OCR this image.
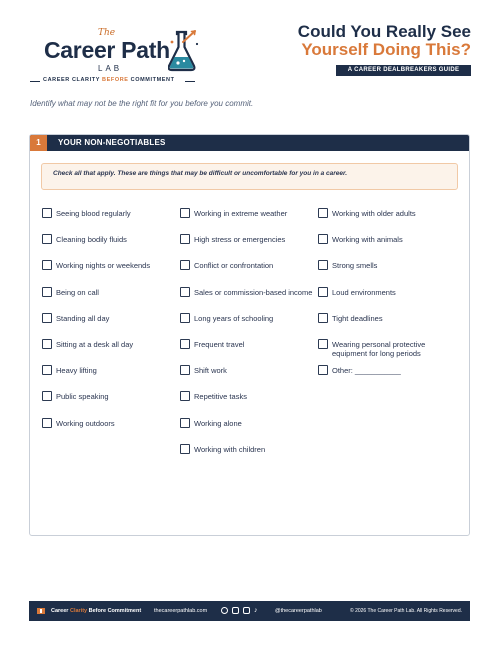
The
Career Path
LAB
CAREER CLARITY BEFORE COMMITMENT
Could You Really See
Yourself Doing This?
A CAREER DEALBREAKERS GUIDE
Identify what may not be the right fit for you before you commit.
1	YOUR NON-NEGOTIABLES
Check all that apply. These are things that may be difficult or uncomfortable for you in a career.
Seeing blood regularly
Cleaning bodily fluids
Working nights or weekends
Being on call
Standing all day
Sitting at a desk all day
Heavy lifting
Public speaking
Working outdoors
Working in extreme weather
High stress or emergencies
Conflict or confrontation
Sales or commission-based income
Long years of schooling
Frequent travel
Shift work
Repetitive tasks
Working alone
Working with children
Working with older adults
Working with animals
Strong smells
Loud environments
Tight deadlines
Wearing personal protective equipment for long periods
Other: ___________
Career Clarity Before Commitment thecareerpathlab.com	♪	@thecareerpathlab	© 2026 The Career Path Lab. All Rights Reserved.
